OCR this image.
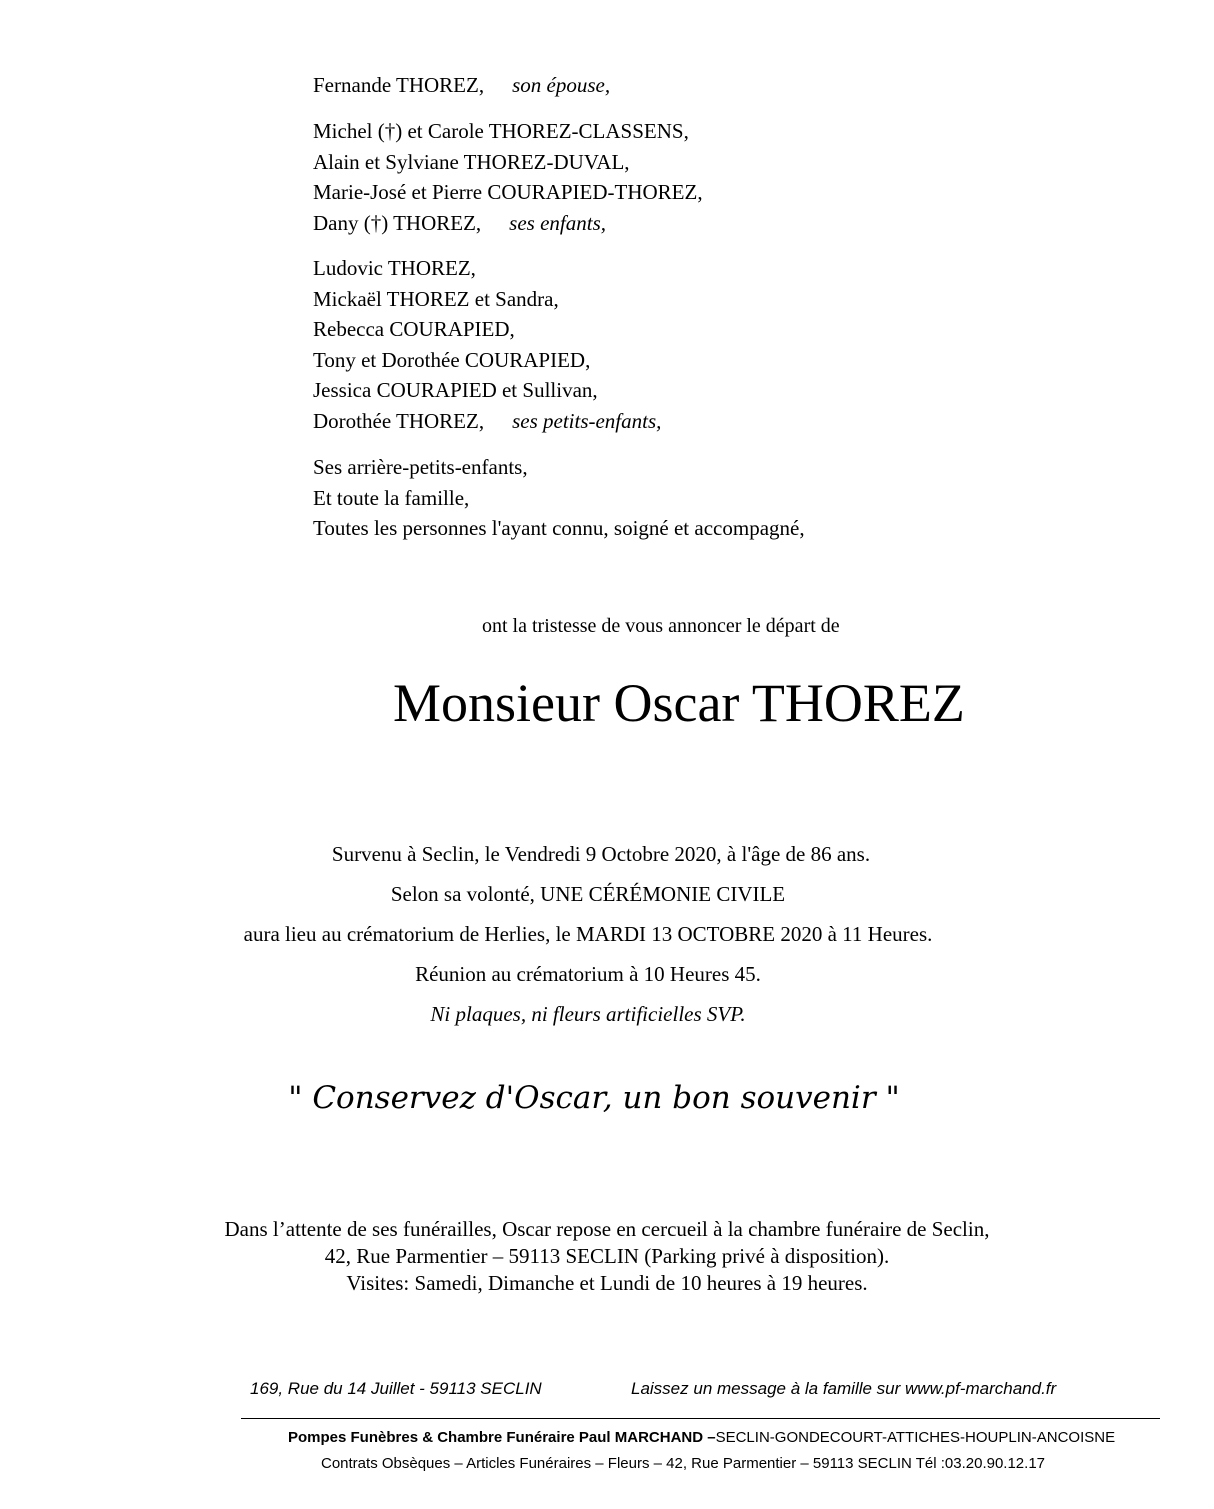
Fernande THOREZ, son épouse,
Michel (†) et Carole THOREZ-CLASSENS,
Alain et Sylviane THOREZ-DUVAL,
Marie-José et Pierre COURAPIED-THOREZ,
Dany (†) THOREZ, ses enfants,
Ludovic THOREZ,
Mickaël THOREZ et Sandra,
Rebecca COURAPIED,
Tony et Dorothée COURAPIED,
Jessica COURAPIED et Sullivan,
Dorothée THOREZ, ses petits-enfants,
Ses arrière-petits-enfants,
Et toute la famille,
Toutes les personnes l'ayant connu, soigné et accompagné,
ont la tristesse de vous annoncer le départ de
Monsieur Oscar THOREZ
Survenu à Seclin, le Vendredi 9 Octobre 2020, à l'âge de 86 ans.
Selon sa volonté, UNE CÉRÉMONIE CIVILE
aura lieu au crématorium de Herlies, le MARDI 13 OCTOBRE 2020 à 11 Heures.
Réunion au crématorium à 10 Heures 45.
Ni plaques, ni fleurs artificielles SVP.
" Conservez d'Oscar, un bon souvenir "
Dans l’attente de ses funérailles, Oscar repose en cercueil à la chambre funéraire de Seclin,
42, Rue Parmentier – 59113 SECLIN (Parking privé à disposition).
Visites: Samedi, Dimanche et Lundi de 10 heures à 19 heures.
169, Rue du 14 Juillet - 59113 SECLIN	Laissez un message à la famille sur www.pf-marchand.fr
Pompes Funèbres & Chambre Funéraire Paul MARCHAND –SECLIN-GONDECOURT-ATTICHES-HOUPLIN-ANCOISNE
Contrats Obsèques – Articles Funéraires – Fleurs – 42, Rue Parmentier – 59113 SECLIN Tél :03.20.90.12.17
